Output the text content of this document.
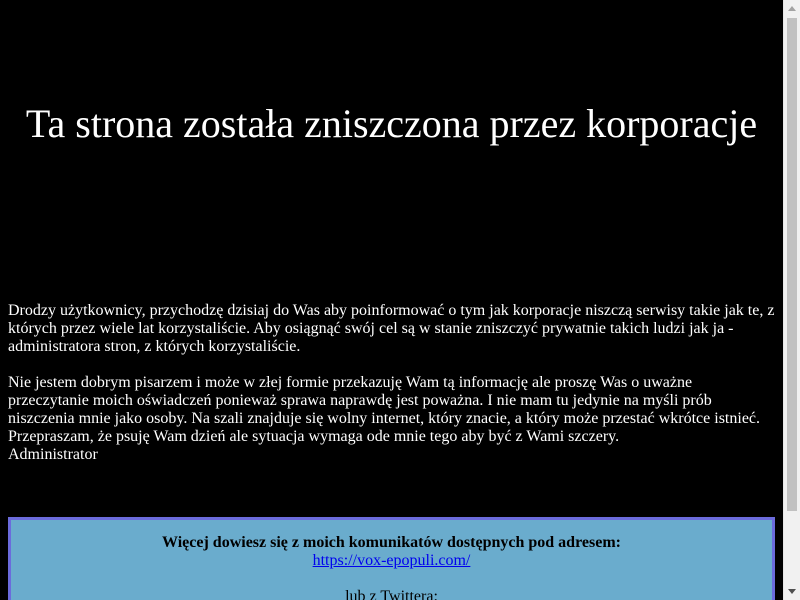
Ta strona została zniszczona przez korporacje

Drodzy użytkownicy, przychodzę dzisiaj do Was aby poinformować o tym jak korporacje niszczą serwisy takie jak te, z których przez wiele lat korzystaliście. Aby osiągnąć swój cel są w stanie zniszczyć prywatnie takich ludzi jak ja - administratora stron, z których korzystaliście.

Nie jestem dobrym pisarzem i może w złej formie przekazuję Wam tą informację ale proszę Was o uważne przeczytanie moich oświadczeń ponieważ sprawa naprawdę jest poważna. I nie mam tu jedynie na myśli prób niszczenia mnie jako osoby. Na szali znajduje się wolny internet, który znacie, a który może przestać wkrótce istnieć. Przepraszam, że psuję Wam dzień ale sytuacja wymaga ode mnie tego aby być z Wami szczery.

Administrator

Więcej dowiesz się z moich komunikatów dostępnych pod adresem:
https://vox-epopuli.com/
lub z Twittera:
